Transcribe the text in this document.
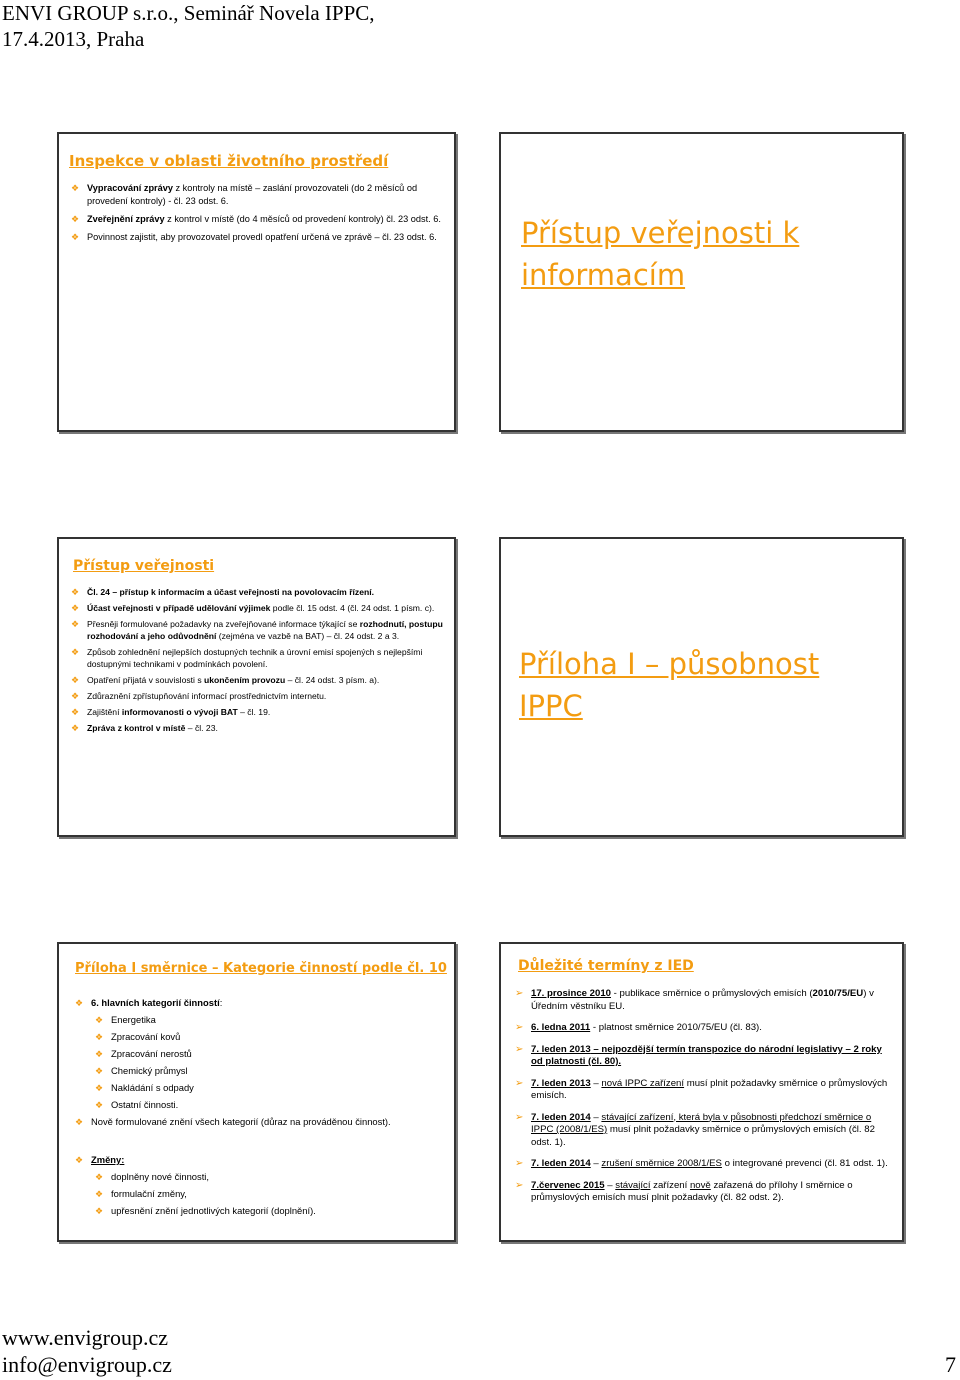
ENVI GROUP s.r.o., Seminář Novela IPPC,
17.4.2013, Praha
Inspekce v oblasti životního prostředí
❖ Vypracování zprávy z kontroly na místě – zaslání provozovateli (do 2 měsíců od provedení kontroly) - čl. 23 odst. 6.
❖ Zveřejnění zprávy z kontrol v místě (do 4 měsíců od provedení kontroly) čl. 23 odst. 6.
❖ Povinnost zajistit, aby provozovatel provedl opatření určená ve zprávě – čl. 23 odst. 6.	Přístup veřejnosti k
informacím
Přístup veřejnosti
❖ Čl. 24 – přístup k informacím a účast veřejnosti na povolovacím řízení.
❖ Účast veřejnosti v případě udělování výjimek podle čl. 15 odst. 4 (čl. 24 odst. 1 písm. c).
❖ Přesněji formulované požadavky na zveřejňované informace týkající se rozhodnutí, postupu rozhodování a jeho odůvodnění (zejména ve vazbě na BAT) – čl. 24 odst. 2 a 3.
❖ Způsob zohlednění nejlepších dostupných technik a úrovní emisí spojených s nejlepšími dostupnými technikami v podmínkách povolení.
❖ Opatření přijatá v souvislosti s ukončením provozu – čl. 24 odst. 3 písm. a).
❖ Zdůraznění zpřístupňování informací prostřednictvím internetu.
❖ Zajištění informovanosti o vývoji BAT – čl. 19.
❖ Zpráva z kontrol v místě – čl. 23.
Příloha I – působnost
IPPC
Příloha I směrnice – Kategorie činností podle čl. 10
❖ 6. hlavních kategorií činností:
❖ Energetika
❖ Zpracování kovů
❖ Zpracování nerostů
❖ Chemický průmysl
❖ Nakládání s odpady
❖ Ostatní činnosti.
❖ Nově formulované znění všech kategorií (důraz na prováděnou činnost).
❖ Změny:
❖ doplněny nové činnosti,
❖ formulační změny,
❖ upřesnění znění jednotlivých kategorií (doplnění).
Důležité termíny z IED
➢ 17. prosince 2010 - publikace směrnice o průmyslových emisích (2010/75/EU) v Úředním věstníku EU.
➢ 6. ledna 2011 - platnost směrnice 2010/75/EU (čl. 83).
➢ 7. leden 2013 – nejpozdější termín transpozice do národní legislativy – 2 roky od platnosti (čl. 80).
➢ 7. leden 2013 – nová IPPC zařízení musí plnit požadavky směrnice o průmyslových emisích.
➢ 7. leden 2014 – stávající zařízení, která byla v působnosti předchozí směrnice o IPPC (2008/1/ES) musí plnit požadavky směrnice o průmyslových emisích (čl. 82 odst. 1).
➢ 7. leden 2014 – zrušení směrnice 2008/1/ES o integrované prevenci (čl. 81 odst. 1).
➢ 7.červenec 2015 – stávající zařízení nově zařazená do přílohy I směrnice o průmyslových emisích musí plnit požadavky (čl. 82 odst. 2).
www.envigroup.cz
info@envigroup.cz	7
